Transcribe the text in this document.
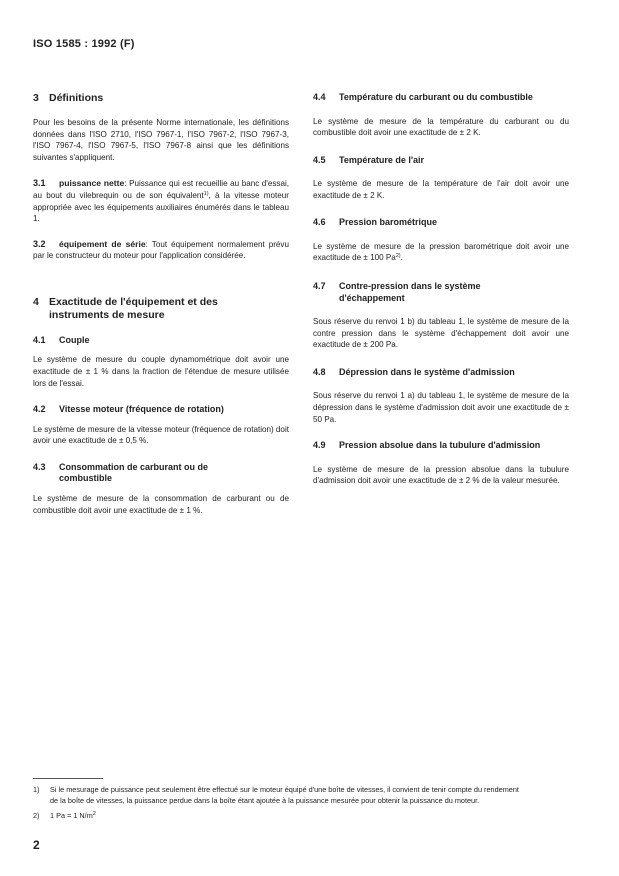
ISO 1585 : 1992 (F)
3 Définitions

Pour les besoins de la présente Norme internationale, les définitions données dans l'ISO 2710, l'ISO 7967-1, l'ISO 7967-2, l'ISO 7967-3, l'ISO 7967-4, l'ISO 7967-5, l'ISO 7967-8 ainsi que les définitions suivantes s'appliquent.

3.1 puissance nette: Puissance qui est recueillie au banc d'essai, au bout du vilebrequin ou de son équivalent$^{1)}$, à la vitesse moteur appropriée avec les équipements auxiliaires énumérés dans le tableau 1.

3.2 équipement de série: Tout équipement normalement prévu par le constructeur du moteur pour l'application considérée.

4 Exactitude de l'équipement et des
instruments de mesure
4.1 Couple

Le système de mesure du couple dynamométrique doit avoir une exactitude de ± 1 % dans la fraction de l'étendue de mesure utilisée lors de l'essai.

4.2 Vitesse moteur (fréquence de rotation)

Le système de mesure de la vitesse moteur (fréquence de rotation) doit avoir une exactitude de ± 0,5 %.

4.3 Consommation de carburant ou de
combustible

Le système de mesure de la consommation de carburant ou de combustible doit avoir une exactitude de ± 1 %.

4.4 Température du carburant ou du combustible

Le système de mesure de la température du carburant ou du combustible doit avoir une exactitude de ± 2 K.

4.5 Température de l'air

Le système de mesure de la température de l'air doit avoir une exactitude de ± 2 K.

4.6 Pression barométrique

Le système de mesure de la pression barométrique doit avoir une exactitude de ± 100 Pa$^{2)}$.

4.7 Contre-pression dans le système
d'échappement

Sous réserve du renvoi 1 b) du tableau 1, le système de mesure de la contre pression dans le système d'échappement doit avoir une exactitude de ± 200 Pa.

4.8 Dépression dans le système d'admission

Sous réserve du renvoi 1 a) du tableau 1, le système de mesure de la dépression dans le système d'admission doit avoir une exactitude de ± 50 Pa.

4.9 Pression absolue dans la tubulure d'admission

Le système de mesure de la pression absolue dans la tubulure d'admission doit avoir une exactitude de ± 2 % de la valeur mesurée.

1) Si le mesurage de puissance peut seulement être effectué sur le moteur équipé d'une boîte de vitesses, il convient de tenir compte du rendement

de la boîte de vitesses, la puissance perdue dans la boîte étant ajoutée à la puissance mesurée pour obtenir la puissance du moteur.
2) 1 Pa = 1 $N/m^2$
2
